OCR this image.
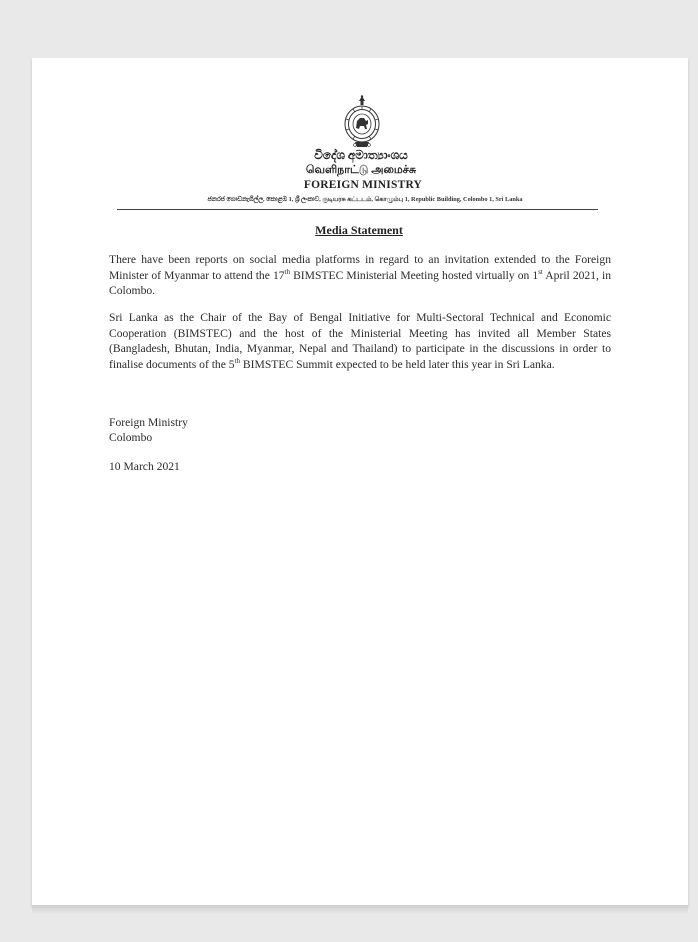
විදේශ අමාත්‍යාංශය
வெளிநாட்டு அமைச்சு
FOREIGN MINISTRY
ජනරජ ගොඩනැගිල්ල, කොළඹ 1, ශ්‍රී ලංකාව, குடியரசு கட்டடம், கொழும்பு 1, Republic Building, Colombo 1, Sri Lanka
Media Statement
There have been reports on social media platforms in regard to an invitation extended to the Foreign Minister of Myanmar to attend the 17th BIMSTEC Ministerial Meeting hosted virtually on 1st April 2021, in Colombo.
Sri Lanka as the Chair of the Bay of Bengal Initiative for Multi-Sectoral Technical and Economic Cooperation (BIMSTEC) and the host of the Ministerial Meeting has invited all Member States (Bangladesh, Bhutan, India, Myanmar, Nepal and Thailand) to participate in the discussions in order to finalise documents of the 5th BIMSTEC Summit expected to be held later this year in Sri Lanka.
Foreign Ministry
Colombo
10 March 2021
